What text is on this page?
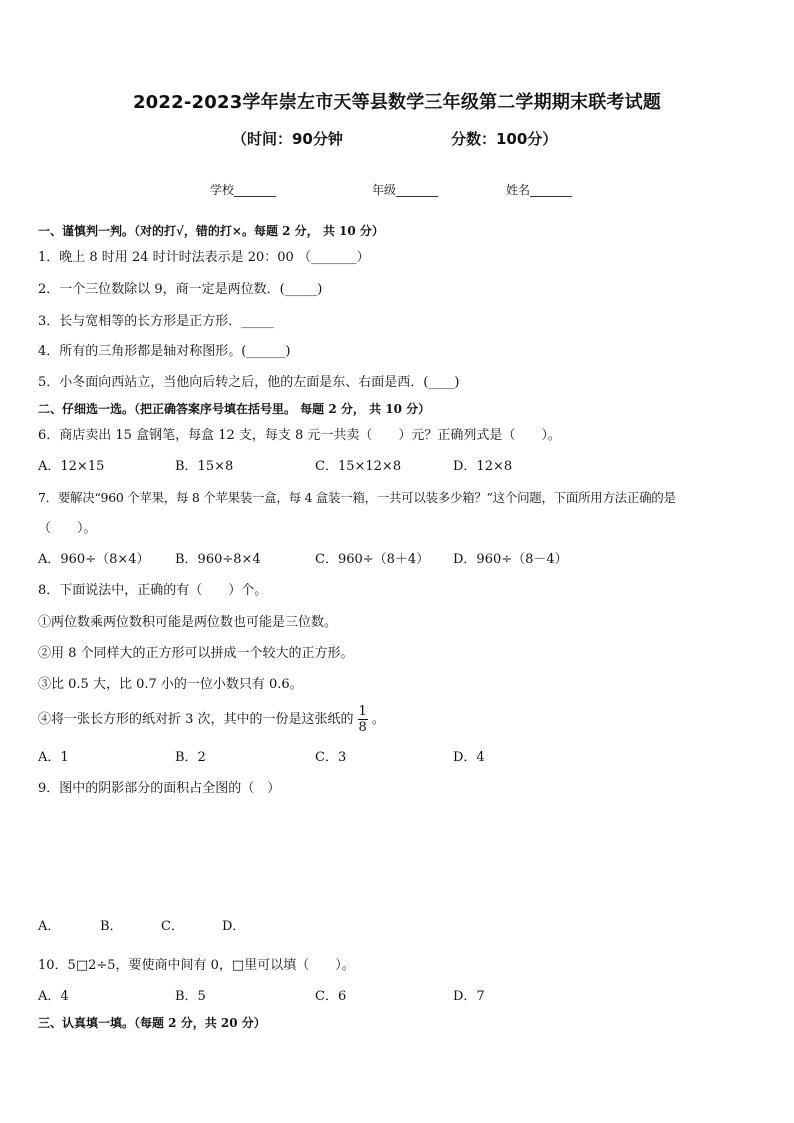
2022-2023学年崇左市天等县数学三年级第二学期期末联考试题
（时间：90分钟	分数：100分）
学校_______	年级_______	姓名_______
一、谨慎判一判。（对的打√，错的打×。每题 2 分， 共 10 分）
1．晚上 8 时用 24 时计时法表示是 20：00 （_______）
2．一个三位数除以 9，商一定是两位数．(_____)
3．长与宽相等的长方形是正方形．_____
4．所有的三角形都是轴对称图形。(______)
5．小冬面向西站立，当他向后转之后，他的左面是东、右面是西．(____)
二、仔细选一选。（把正确答案序号填在括号里。 每题 2 分， 共 10 分）
6．商店卖出 15 盒钢笔，每盒 12 支，每支 8 元一共卖（　　）元？正确列式是（　　）。
A．12×15	B．15×8	C．15×12×8	D．12×8
7．要解决“960 个苹果，每 8 个苹果装一盒，每 4 盒装一箱，一共可以装多少箱？”这个问题，下面所用方法正确的是
（　　）。
A．960÷（8×4） B．960÷8×4	C．960÷（8＋4） D．960÷（8－4）
8．下面说法中，正确的有（　　）个。
①两位数乘两位数积可能是两位数也可能是三位数。
②用 8 个同样大的正方形可以拼成一个较大的正方形。
③比 0.5 大，比 0.7 小的一位小数只有 0.6。
④将一张长方形的纸对折 3 次，其中的一份是这张纸的 $\frac{1}{8}$ 。
A．1	B．2	C．3	D．4
9．图中的阴影部分的面积占全图的（　）
A．	B．	C．	D．
10．5□2÷5，要使商中间有 0，□里可以填（　　）。
A．4	B．5	C．6	D．7
三、认真填一填。（每题 2 分，共 20 分）
